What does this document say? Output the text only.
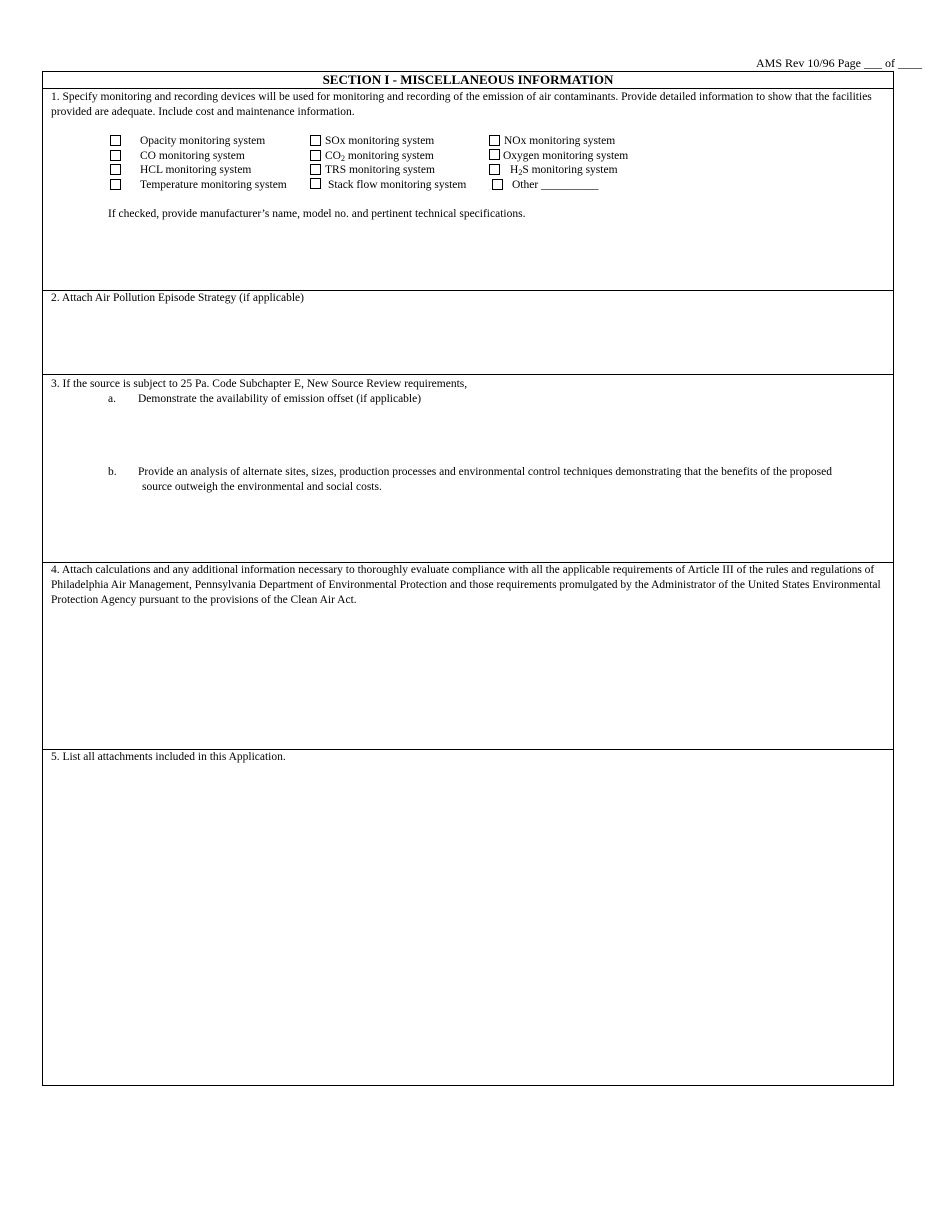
AMS Rev 10/96 Page ___ of ____
SECTION I - MISCELLANEOUS INFORMATION
1. Specify monitoring and recording devices will be used for monitoring and recording of the emission of air contaminants. Provide detailed information to show that the facilities provided are adequate. Include cost and maintenance information.
Opacity monitoring system
CO monitoring system
HCL monitoring system
Temperature monitoring system
SOx monitoring system
$CO_2$ monitoring system
TRS monitoring system
Stack flow monitoring system
NOx monitoring system
Oxygen monitoring system
$H_2S$ monitoring system
Other __________
If checked, provide manufacturer’s name, model no. and pertinent technical specifications.
2. Attach Air Pollution Episode Strategy (if applicable)
3. If the source is subject to 25 Pa. Code Subchapter E, New Source Review requirements,
a. Demonstrate the availability of emission offset (if applicable)
b. Provide an analysis of alternate sites, sizes, production processes and environmental control techniques demonstrating that the benefits of the proposed
source outweigh the environmental and social costs.
4. Attach calculations and any additional information necessary to thoroughly evaluate compliance with all the applicable requirements of Article III of the rules and regulations of Philadelphia Air Management, Pennsylvania Department of Environmental Protection and those requirements promulgated by the Administrator of the United States Environmental Protection Agency pursuant to the provisions of the Clean Air Act.
5. List all attachments included in this Application.
